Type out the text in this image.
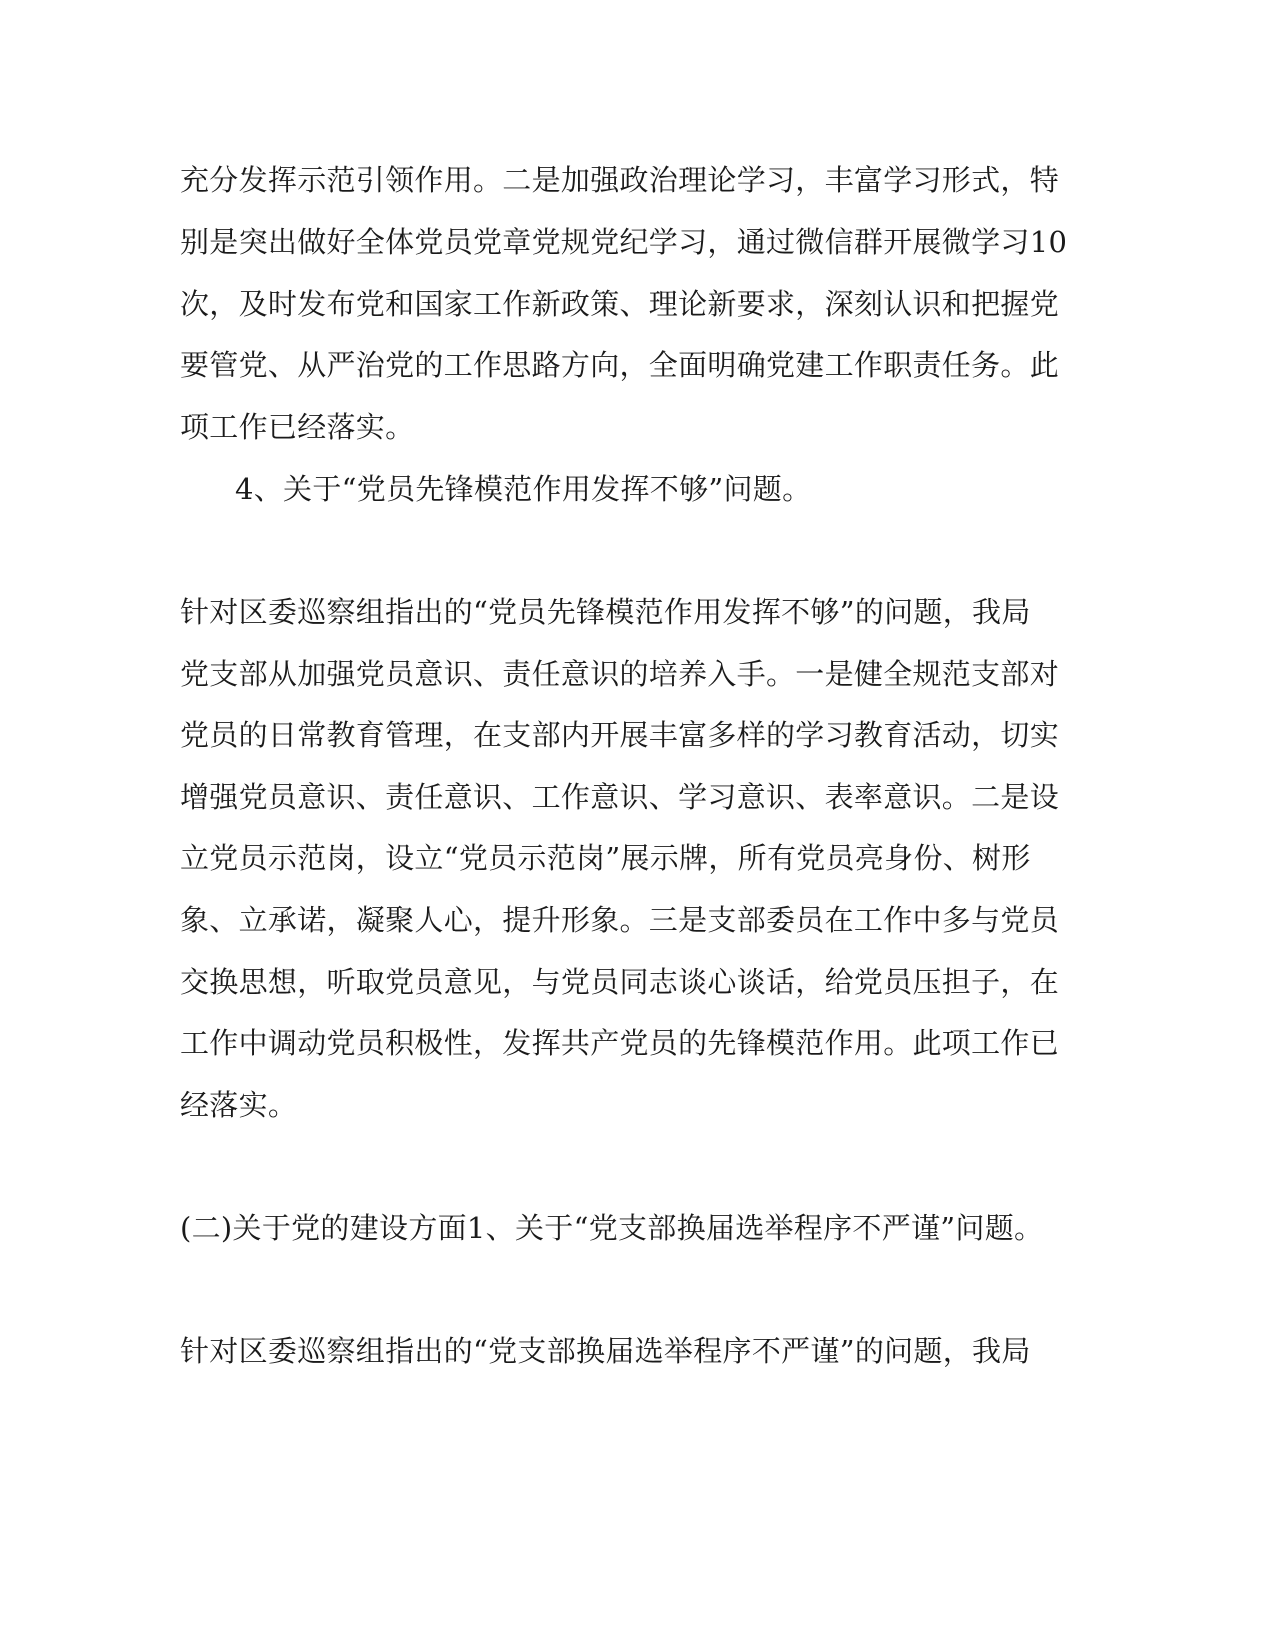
充分发挥示范引领作用。二是加强政治理论学习，丰富学习形式，特
别是突出做好全体党员党章党规党纪学习，通过微信群开展微学习10
次，及时发布党和国家工作新政策、理论新要求，深刻认识和把握党
要管党、从严治党的工作思路方向，全面明确党建工作职责任务。此
项工作已经落实。
4、关于“党员先锋模范作用发挥不够”问题。
针对区委巡察组指出的“党员先锋模范作用发挥不够”的问题，我局
党支部从加强党员意识、责任意识的培养入手。一是健全规范支部对
党员的日常教育管理，在支部内开展丰富多样的学习教育活动，切实
增强党员意识、责任意识、工作意识、学习意识、表率意识。二是设
立党员示范岗，设立“党员示范岗”展示牌，所有党员亮身份、树形
象、立承诺，凝聚人心，提升形象。三是支部委员在工作中多与党员
交换思想，听取党员意见，与党员同志谈心谈话，给党员压担子，在
工作中调动党员积极性，发挥共产党员的先锋模范作用。此项工作已
经落实。
(二)关于党的建设方面1、关于“党支部换届选举程序不严谨”问题。
针对区委巡察组指出的“党支部换届选举程序不严谨”的问题，我局
